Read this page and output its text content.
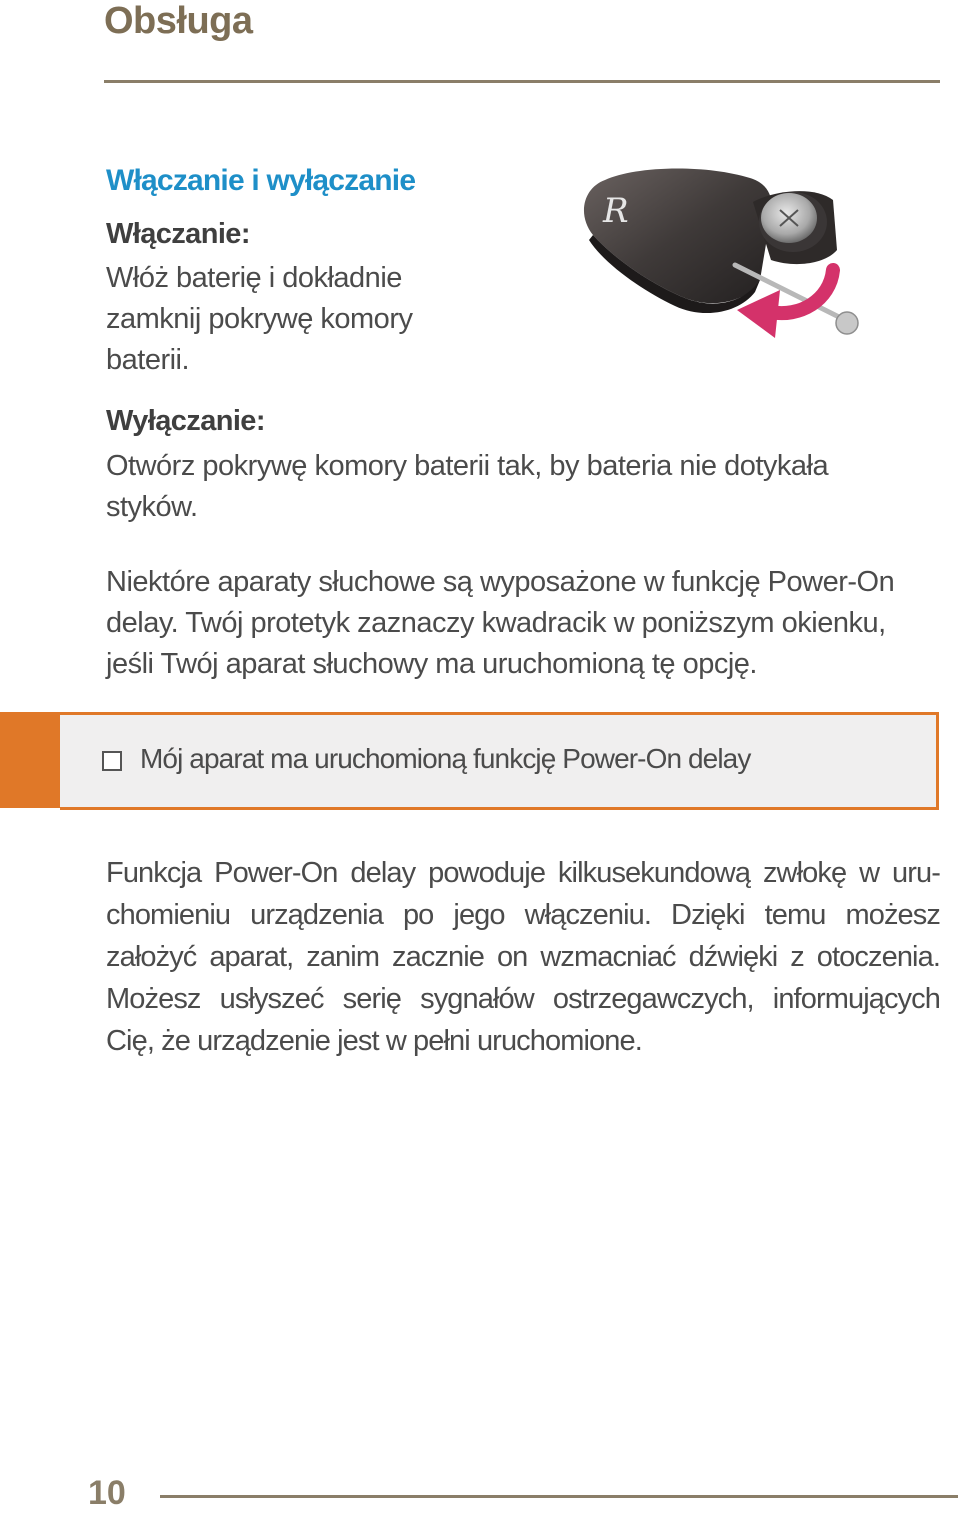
Obsługa
Włączanie i wyłączanie
Włączanie:
Włóż baterię i dokładnie
zamknij pokrywę komory
baterii.
Wyłączanie:
Otwórz pokrywę komory baterii tak, by bateria nie dotykała
styków.
Niektóre aparaty słuchowe są wyposażone w funkcję Power-On
delay. Twój protetyk zaznaczy kwadracik w poniższym okienku,
jeśli Twój aparat słuchowy ma uruchomioną tę opcję.
R
Mój aparat ma uruchomioną funkcję Power-On delay
Funkcja Power-On delay powoduje kilkusekundową zwłokę w uru-
chomieniu urządzenia po jego włączeniu. Dzięki temu możesz
założyć aparat, zanim zacznie on wzmacniać dźwięki z otoczenia.
Możesz usłyszeć serię sygnałów ostrzegawczych, informujących
Cię, że urządzenie jest w pełni uruchomione.
10
